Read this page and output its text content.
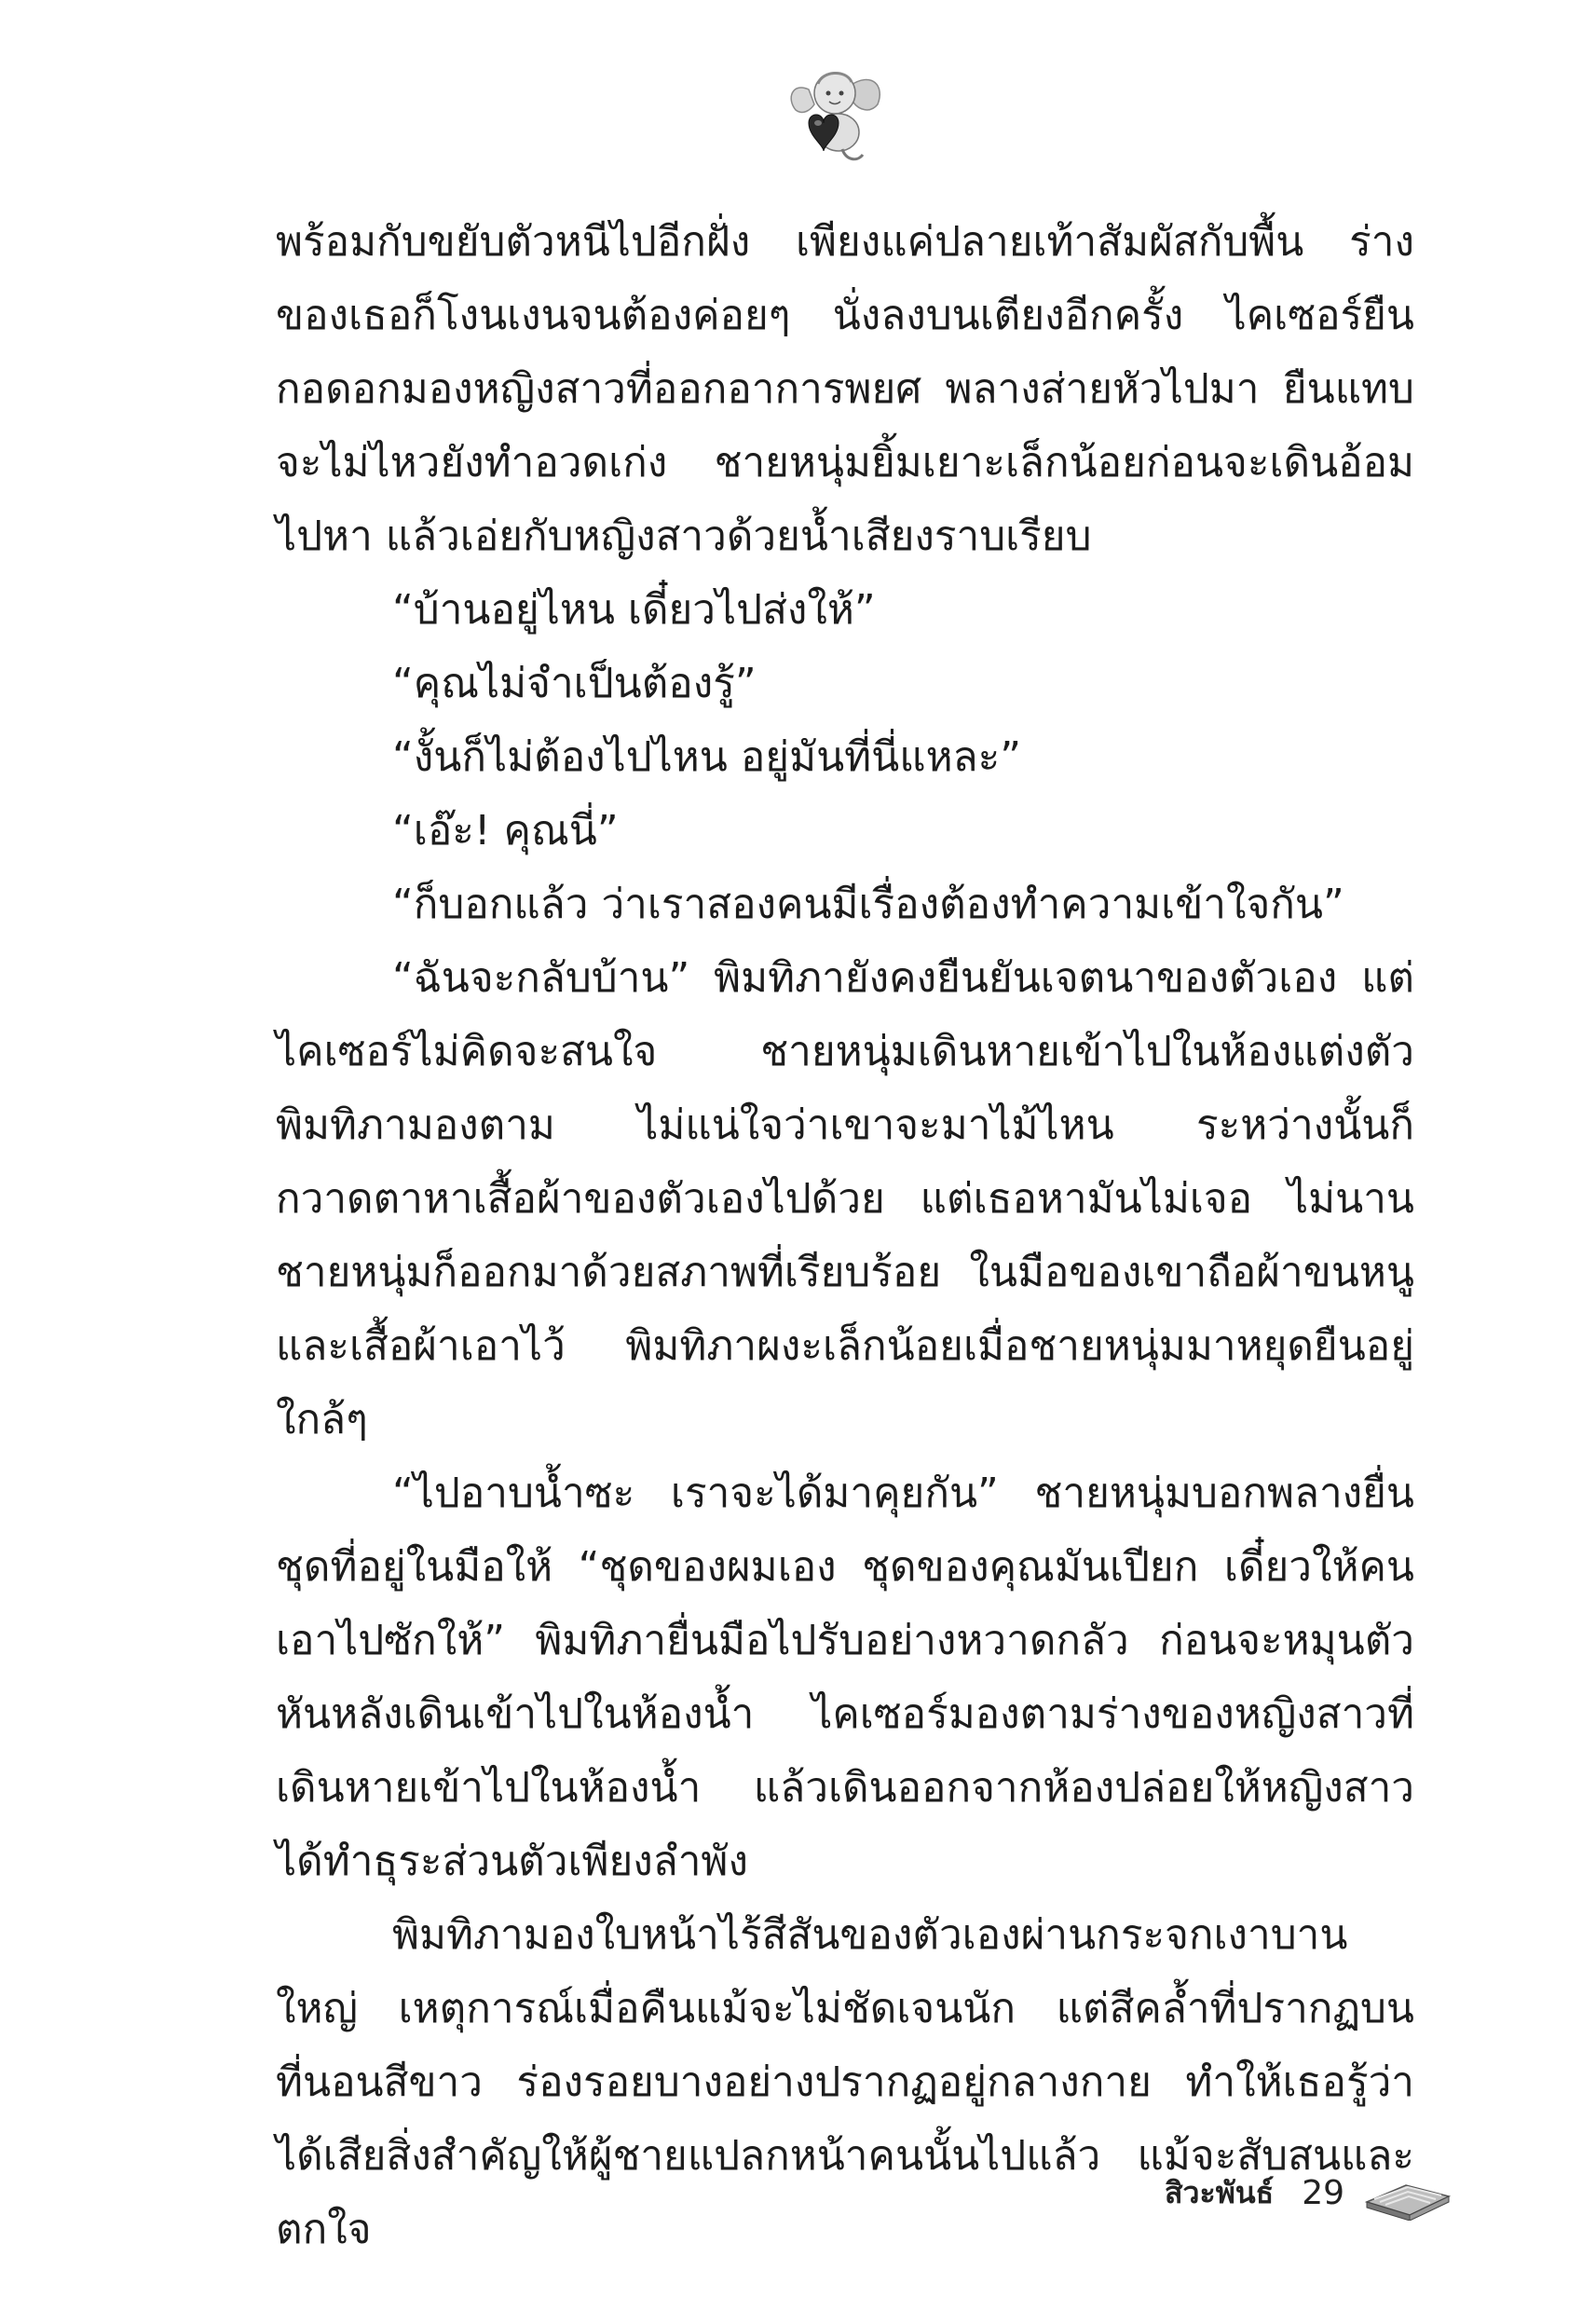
พร้อมกับขยับตัวหนีไปอีกฝั่ง เพียงแค่ปลายเท้าสัมผัสกับพื้น ร่างของเธอก็โงนเงนจนต้องค่อยๆ นั่งลงบนเตียงอีกครั้ง ไคเซอร์ยืนกอดอกมองหญิงสาวที่ออกอาการพยศ พลางส่ายหัวไปมา ยืนแทบจะไม่ไหวยังทำอวดเก่ง ชายหนุ่มยิ้มเยาะเล็กน้อยก่อนจะเดินอ้อมไปหา แล้วเอ่ยกับหญิงสาวด้วยน้ำเสียงราบเรียบ

“บ้านอยู่ไหน เดี๋ยวไปส่งให้”

“คุณไม่จำเป็นต้องรู้”

“งั้นก็ไม่ต้องไปไหน อยู่มันที่นี่แหละ”

“เอ๊ะ! คุณนี่”

“ก็บอกแล้ว ว่าเราสองคนมีเรื่องต้องทำความเข้าใจกัน”

“ฉันจะกลับบ้าน” พิมทิภายังคงยืนยันเจตนาของตัวเอง แต่ไคเซอร์ไม่คิดจะสนใจ ชายหนุ่มเดินหายเข้าไปในห้องแต่งตัว พิมทิภามองตาม ไม่แน่ใจว่าเขาจะมาไม้ไหน ระหว่างนั้นก็กวาดตาหาเสื้อผ้าของตัวเองไปด้วย แต่เธอหามันไม่เจอ ไม่นานชายหนุ่มก็ออกมาด้วยสภาพที่เรียบร้อย ในมือของเขาถือผ้าขนหนูและเสื้อผ้าเอาไว้ พิมทิภาผงะเล็กน้อยเมื่อชายหนุ่มมาหยุดยืนอยู่ใกล้ๆ

“ไปอาบน้ำซะ เราจะได้มาคุยกัน” ชายหนุ่มบอกพลางยื่นชุดที่อยู่ในมือให้ “ชุดของผมเอง ชุดของคุณมันเปียก เดี๋ยวให้คนเอาไปซักให้” พิมทิภายื่นมือไปรับอย่างหวาดกลัว ก่อนจะหมุนตัวหันหลังเดินเข้าไปในห้องน้ำ ไคเซอร์มองตามร่างของหญิงสาวที่เดินหายเข้าไปในห้องน้ำ แล้วเดินออกจากห้องปล่อยให้หญิงสาวได้ทำธุระส่วนตัวเพียงลำพัง

พิมทิภามองใบหน้าไร้สีสันของตัวเองผ่านกระจกเงาบานใหญ่ เหตุการณ์เมื่อคืนแม้จะไม่ชัดเจนนัก แต่สีคล้ำที่ปรากฏบนที่นอนสีขาว ร่องรอยบางอย่างปรากฏอยู่กลางกาย ทำให้เธอรู้ว่าได้เสียสิ่งสำคัญให้ผู้ชายแปลกหน้าคนนั้นไปแล้ว แม้จะสับสนและตกใจ

สิวะพันธ์ 29
